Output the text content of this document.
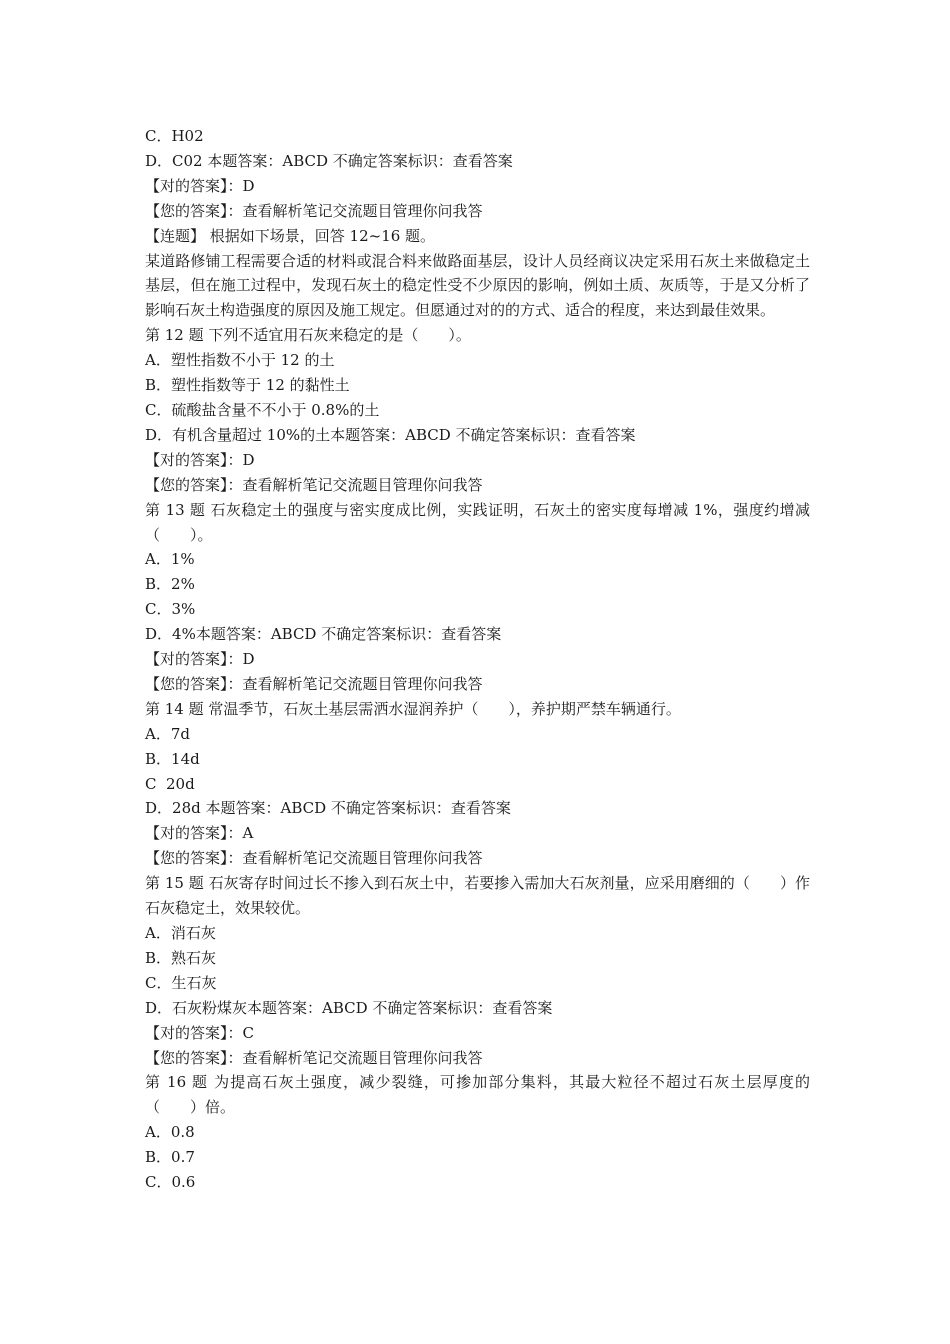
C．H02

D．C02 本题答案：ABCD 不确定答案标识：查看答案

【对的答案】：D

【您的答案】：查看解析笔记交流题目管理你问我答

【连题】 根据如下场景，回答 12~16 题。

某道路修铺工程需要合适的材料或混合料来做路面基层，设计人员经商议决定采用石灰土来做稳定土基层，但在施工过程中，发现石灰土的稳定性受不少原因的影响，例如土质、灰质等，于是又分析了影响石灰土构造强度的原因及施工规定。但愿通过对的的方式、适合的程度，来达到最佳效果。

第 12 题 下列不适宜用石灰来稳定的是（　　）。

A．塑性指数不小于 12 的土

B．塑性指数等于 12 的黏性土

C．硫酸盐含量不不小于 0.8%的土

D．有机含量超过 10%的土本题答案：ABCD 不确定答案标识：查看答案

【对的答案】：D

【您的答案】：查看解析笔记交流题目管理你问我答

第 13 题 石灰稳定土的强度与密实度成比例，实践证明，石灰土的密实度每增减 1%，强度约增减（　　）。

A．1%

B．2%

C．3%

D．4%本题答案：ABCD 不确定答案标识：查看答案

【对的答案】：D

【您的答案】：查看解析笔记交流题目管理你问我答

第 14 题 常温季节，石灰土基层需洒水湿润养护（　　），养护期严禁车辆通行。

A．7d

B．14d

C  20d

D．28d 本题答案：ABCD 不确定答案标识：查看答案

【对的答案】：A

【您的答案】：查看解析笔记交流题目管理你问我答

第 15 题 石灰寄存时间过长不掺入到石灰土中，若要掺入需加大石灰剂量，应采用磨细的（　　）作石灰稳定土，效果较优。

A．消石灰

B．熟石灰

C．生石灰

D．石灰粉煤灰本题答案：ABCD 不确定答案标识：查看答案

【对的答案】：C

【您的答案】：查看解析笔记交流题目管理你问我答

第 16 题 为提高石灰土强度，减少裂缝，可掺加部分集料，其最大粒径不超过石灰土层厚度的（　　）倍。

A．0.8

B．0.7

C．0.6
